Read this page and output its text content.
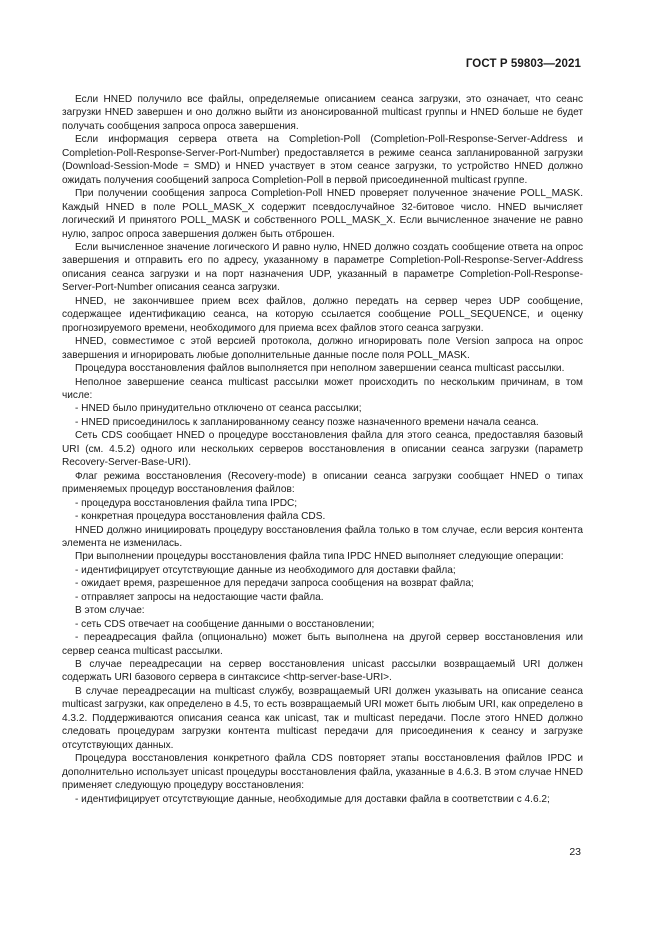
ГОСТ Р 59803—2021

Если HNED получило все файлы, определяемые описанием сеанса загрузки, это означает, что сеанс загрузки HNED завершен и оно должно выйти из анонсированной multicast группы и HNED больше не будет получать сообщения запроса опроса завершения.

Если информация сервера ответа на Completion-Poll (Completion-Poll-Response-Server-Address и Completion-Poll-Response-Server-Port-Number) предоставляется в режиме сеанса запланированной загрузки (Download-Session-Mode = SMD) и HNED участвует в этом сеансе загрузки, то устройство HNED должно ожидать получения сообщений запроса Completion-Poll в первой присоединенной multicast группе.

При получении сообщения запроса Completion-Poll HNED проверяет полученное значение POLL_MASK. Каждый HNED в поле POLL_MASK_X содержит псевдослучайное 32-битовое число. HNED вычисляет логический И принятого POLL_MASK и собственного POLL_MASK_X. Если вычисленное значение не равно нулю, запрос опроса завершения должен быть отброшен.

Если вычисленное значение логического И равно нулю, HNED должно создать сообщение ответа на опрос завершения и отправить его по адресу, указанному в параметре Completion-Poll-Response-Server-Address описания сеанса загрузки и на порт назначения UDP, указанный в параметре Completion-Poll-Response-Server-Port-Number описания сеанса загрузки.

HNED, не закончившее прием всех файлов, должно передать на сервер через UDP сообщение, содержащее идентификацию сеанса, на которую ссылается сообщение POLL_SEQUENCE, и оценку прогнозируемого времени, необходимого для приема всех файлов этого сеанса загрузки.

HNED, совместимое с этой версией протокола, должно игнорировать поле Version запроса на опрос завершения и игнорировать любые дополнительные данные после поля POLL_MASK.

Процедура восстановления файлов выполняется при неполном завершении сеанса multicast рассылки.

Неполное завершение сеанса multicast рассылки может происходить по нескольким причинам, в том числе:

- HNED было принудительно отключено от сеанса рассылки;

- HNED присоединилось к запланированному сеансу позже назначенного времени начала сеанса.

Сеть CDS сообщает HNED о процедуре восстановления файла для этого сеанса, предоставляя базовый URI (см. 4.5.2) одного или нескольких серверов восстановления в описании сеанса загрузки (параметр Recovery-Server-Base-URI).

Флаг режима восстановления (Recovery-mode) в описании сеанса загрузки сообщает HNED о типах применяемых процедур восстановления файлов:

- процедура восстановления файла типа IPDC;

- конкретная процедура восстановления файла CDS.

HNED должно инициировать процедуру восстановления файла только в том случае, если версия контента элемента не изменилась.

При выполнении процедуры восстановления файла типа IPDC HNED выполняет следующие операции:

- идентифицирует отсутствующие данные из необходимого для доставки файла;

- ожидает время, разрешенное для передачи запроса сообщения на возврат файла;

- отправляет запросы на недостающие части файла.

В этом случае:

- сеть CDS отвечает на сообщение данными о восстановлении;

- переадресация файла (опционально) может быть выполнена на другой сервер восстановления или сервер сеанса multicast рассылки.

В случае переадресации на сервер восстановления unicast рассылки возвращаемый URI должен содержать URI базового сервера в синтаксисе <http-server-base-URI>.

В случае переадресации на multicast службу, возвращаемый URI должен указывать на описание сеанса multicast загрузки, как определено в 4.5, то есть возвращаемый URI может быть любым URI, как определено в 4.3.2. Поддерживаются описания сеанса как unicast, так и multicast передачи. После этого HNED должно следовать процедурам загрузки контента multicast передачи для присоединения к сеансу и загрузке отсутствующих данных.

Процедура восстановления конкретного файла CDS повторяет этапы восстановления файлов IPDC и дополнительно использует unicast процедуры восстановления файла, указанные в 4.6.3. В этом случае HNED применяет следующую процедуру восстановления:

- идентифицирует отсутствующие данные, необходимые для доставки файла в соответствии с 4.6.2;

23
